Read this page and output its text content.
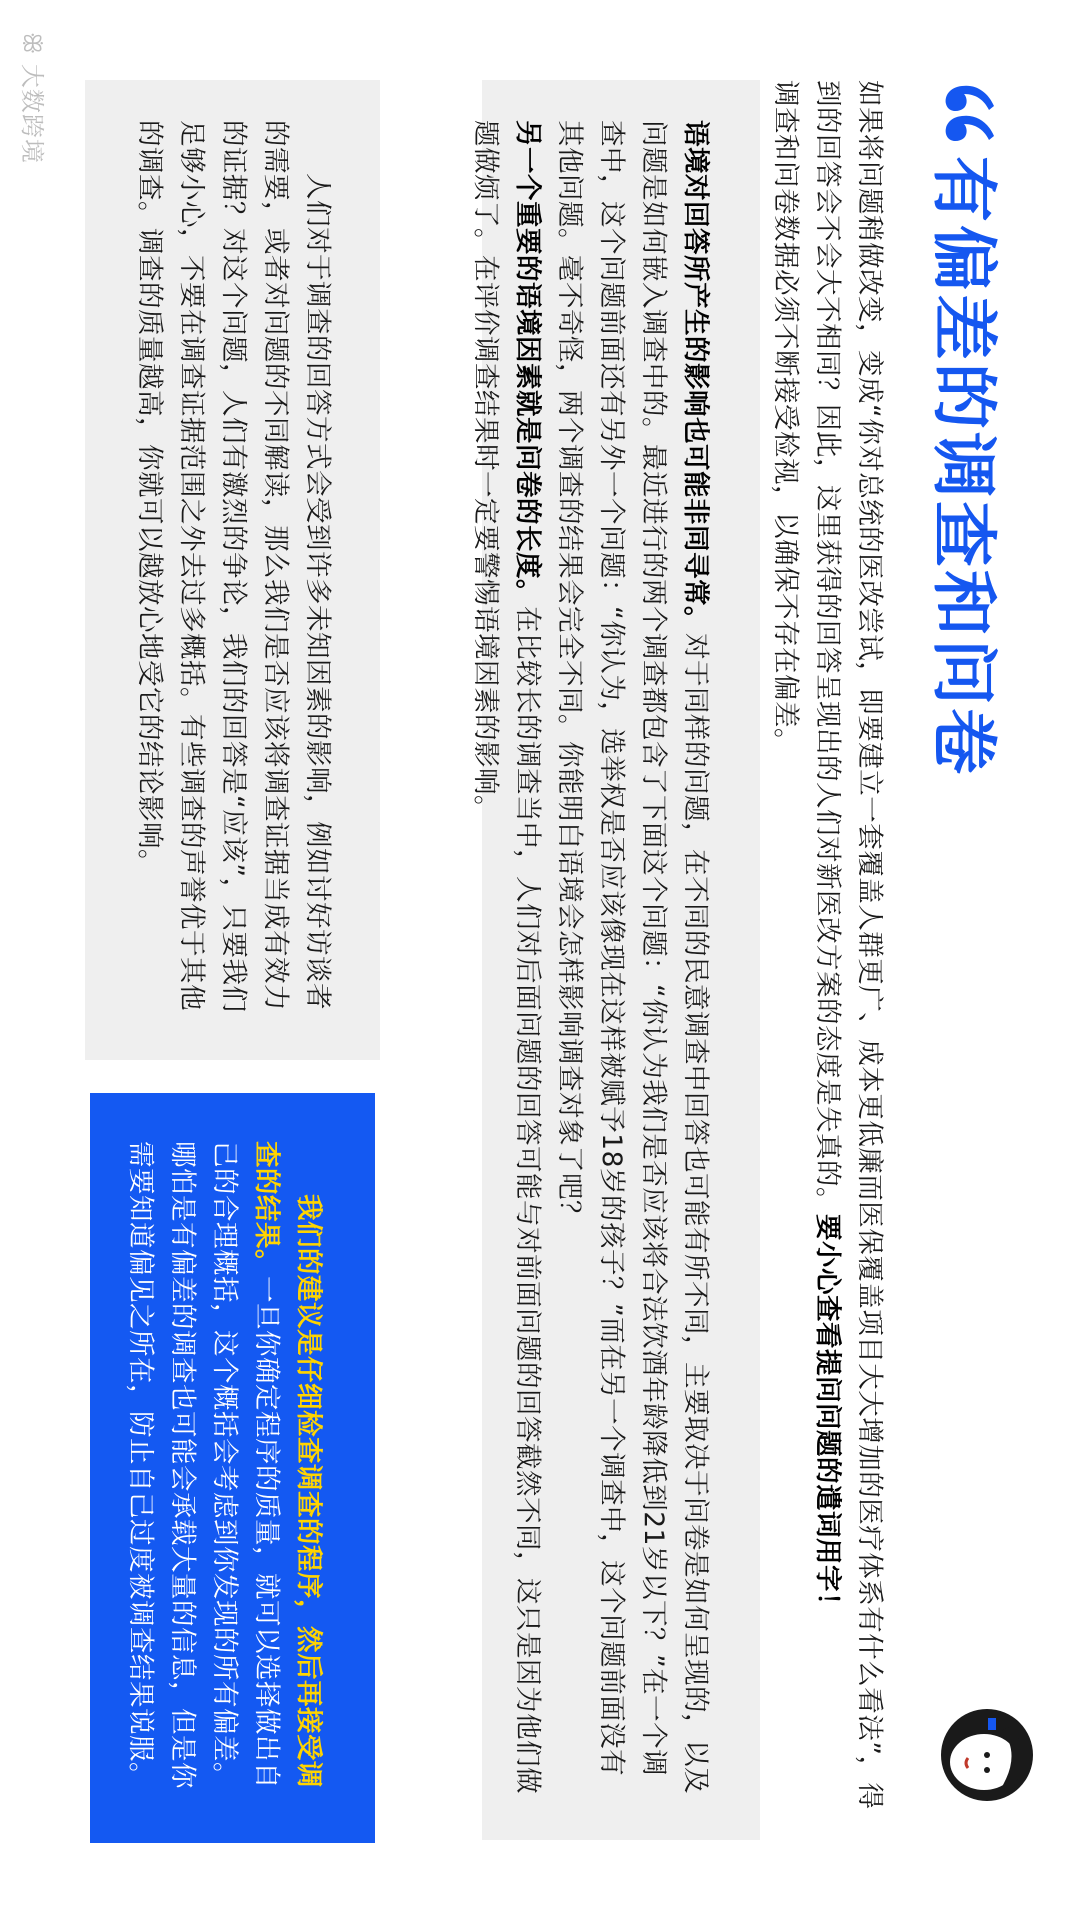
有偏差的调查和问卷

如果将问题稍做改变，变成“你对总统的医改尝试，即要建立一套覆盖人群更广、成本更低廉而医保覆盖项目大大增加的医疗体系有什么看法”，得到的回答会不会大不相同？因此，这里获得的回答呈现出的人们对新医改方案的态度是失真的。要小心查看提问问题的遣词用字！

调查和问卷数据必须不断接受检视，以确保不存在偏差。

语境对回答所产生的影响也可能非同寻常。对于同样的问题，在不同的民意调查中回答也可能有所不同，主要取决于问卷是如何呈现的，以及问题是如何嵌入调查中的。最近进行的两个调查都包含了下面这个问题：“你认为我们是否应该将合法饮酒年龄降低到21岁以下？”在一个调查中，这个问题前面还有另外一个问题：“你认为，选举权是否应该像现在这样被赋予18岁的孩子？”而在另一个调查中，这个问题前面没有其他问题。毫不奇怪，两个调查的结果会完全不同。你能明白语境会怎样影响调查对象了吧？

另一个重要的语境因素就是问卷的长度。在比较长的调查当中，人们对后面问题的回答可能与对前面问题的回答截然不同，这只是因为他们做题做烦了。在评价调查结果时一定要警惕语境因素的影响。

人们对于调查的回答方式会受到许多未知因素的影响，例如讨好访谈者的需要，或者对问题的不同解读，那么我们是否应该将调查证据当成有效力的证据？对这个问题，人们有激烈的争论，我们的回答是“应该”，只要我们足够小心，不要在调查证据范围之外去过多概括。有些调查的声誉优于其他的调查。调查的质量越高，你就可以越放心地受它的结论影响。

我们的建议是仔细检查调查的程序，然后再接受调查的结果。一旦你确定程序的质量，就可以选择做出自己的合理概括，这个概括会考虑到你发现的所有偏差。哪怕是有偏差的调查也可能会承载大量的信息，但是你需要知道偏见之所在，防止自己过度被调查结果说服。

ꕥ 大数跨境
